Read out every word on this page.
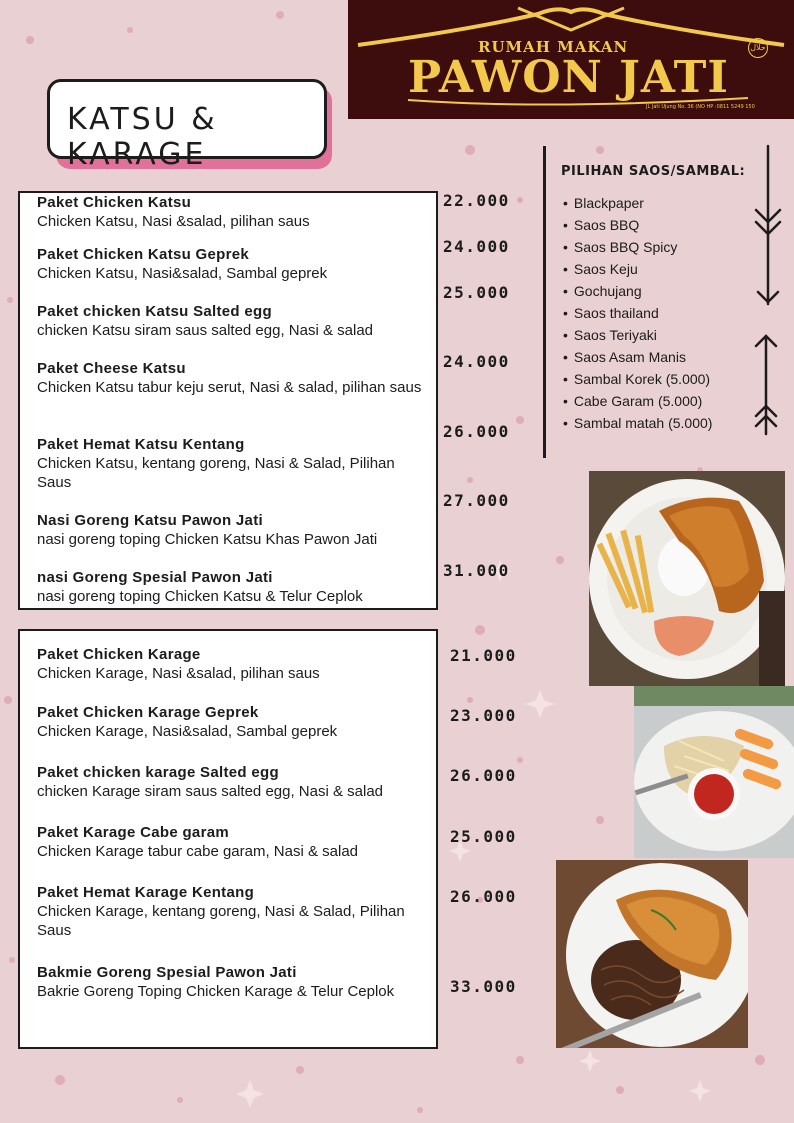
RUMAH MAKAN
PAWON JATI
حلال
JL Jati Ujung No. 36 (NO HP :0811 5249 150
KATSU & KARAGE
Paket Chicken Katsu
Chicken Katsu, Nasi &salad, pilihan saus
Paket Chicken Katsu Geprek
Chicken Katsu, Nasi&salad, Sambal geprek
Paket chicken Katsu Salted egg
chicken Katsu siram saus salted egg, Nasi & salad
Paket Cheese Katsu
Chicken Katsu tabur keju serut, Nasi & salad, pilihan saus
Paket Hemat Katsu Kentang
Chicken Katsu, kentang goreng, Nasi & Salad, Pilihan Saus
Nasi Goreng Katsu Pawon Jati
nasi goreng toping Chicken Katsu Khas Pawon Jati
nasi Goreng Spesial Pawon Jati
nasi goreng toping Chicken Katsu & Telur Ceplok
22.000
24.000
25.000
24.000
26.000
27.000
31.000
Paket Chicken Karage
Chicken Karage, Nasi &salad, pilihan saus
Paket Chicken Karage Geprek
Chicken Karage, Nasi&salad, Sambal geprek
Paket chicken karage Salted egg
chicken Karage siram saus salted egg, Nasi & salad
Paket Karage Cabe garam
Chicken Karage tabur cabe garam, Nasi & salad
Paket Hemat Karage Kentang
Chicken Karage, kentang goreng, Nasi & Salad, Pilihan Saus
Bakmie Goreng Spesial Pawon Jati
Bakrie Goreng Toping Chicken Karage & Telur Ceplok
21.000
23.000
26.000
25.000
26.000
33.000
PILIHAN SAOS/SAMBAL:
• Blackpaper
• Saos BBQ
• Saos BBQ Spicy
• Saos Keju
• Gochujang
• Saos thailand
• Saos Teriyaki
• Saos Asam Manis
• Sambal Korek (5.000)
• Cabe Garam (5.000)
• Sambal matah (5.000)
